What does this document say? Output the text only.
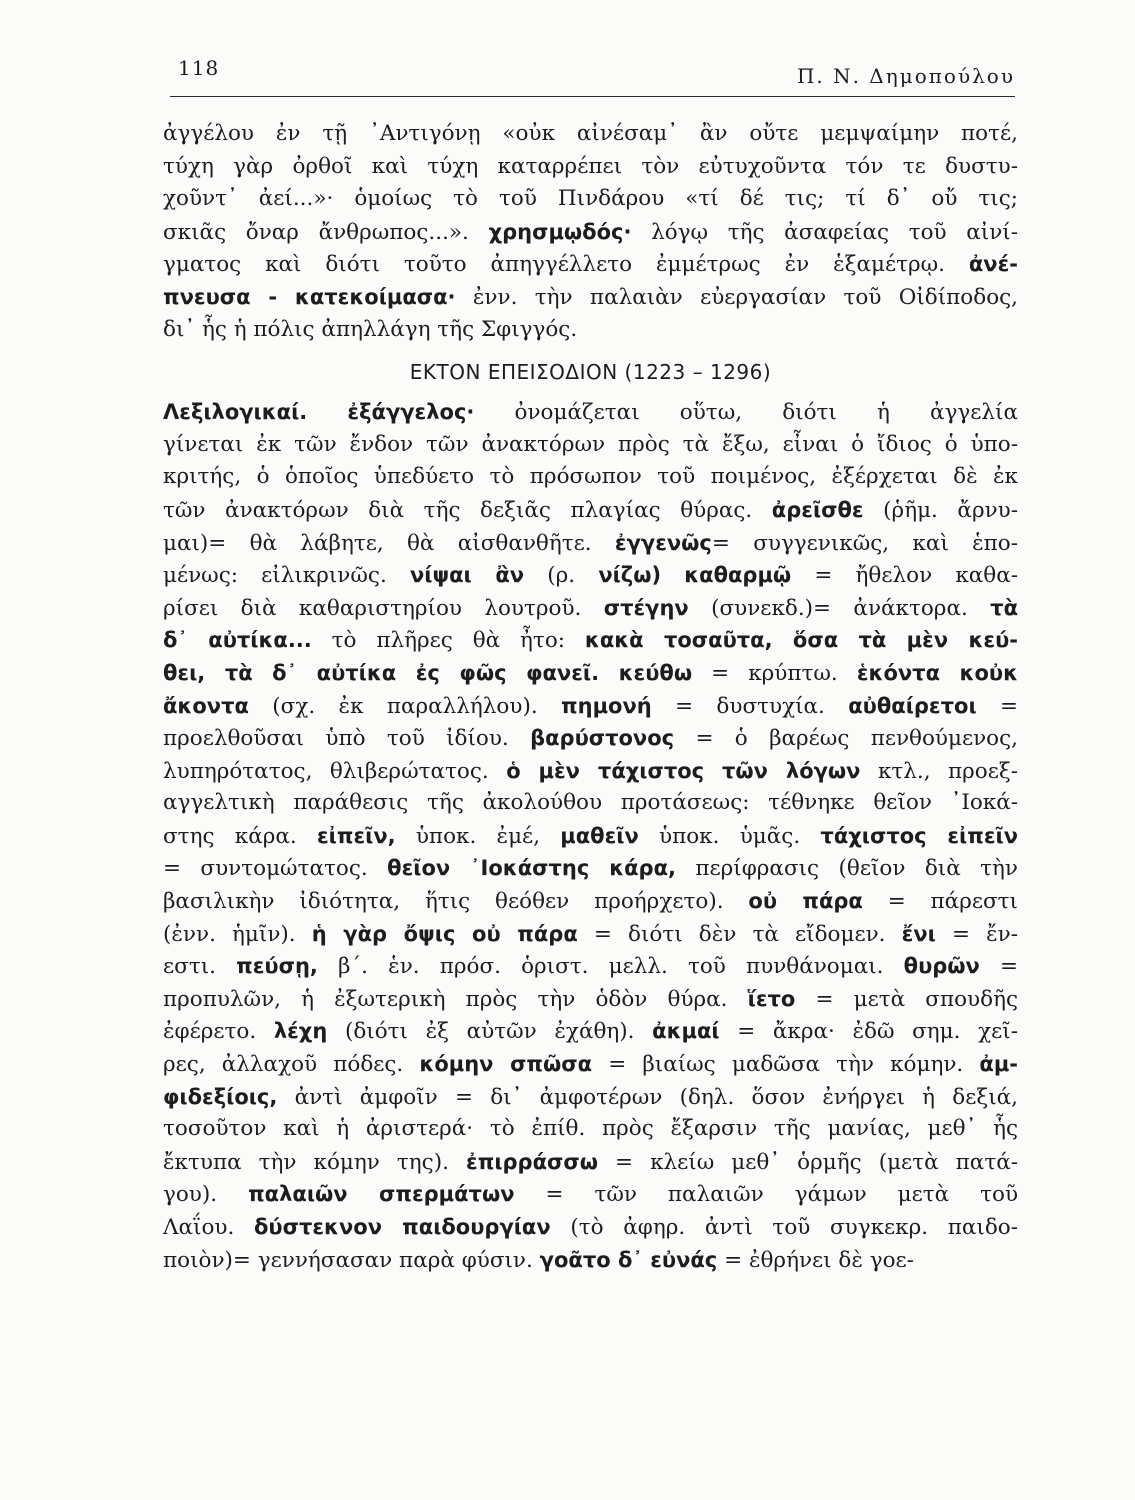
118	Π. Ν. Δημοπούλου
ἀγγέλου ἐν τῇ ᾿Αντιγόνῃ «οὐκ αἰνέσαμ᾿ ἂν οὔτε μεμψαίμην ποτέ,
τύχη γὰρ ὀρθοῖ καὶ τύχη καταρρέπει τὸν εὐτυχοῦντα τόν τε δυστυ-
χοῦντ᾿ ἀεί...»· ὁμοίως τὸ τοῦ Πινδάρου «τί δέ τις; τί δ᾿ οὔ τις;
σκιᾶς ὄναρ ἄνθρωπος...». χρησμῳδός· λόγῳ τῆς ἀσαφείας τοῦ αἰνί-
γματος καὶ διότι τοῦτο ἀπηγγέλλετο ἐμμέτρως ἐν ἑξαμέτρῳ. ἀνέ-
πνευσα - κατεκοίμασα· ἐνν. τὴν παλαιὰν εὐεργασίαν τοῦ Οἰδίποδος,
δι᾿ ἧς ἡ πόλις ἀπηλλάγη τῆς Σφιγγός.
ΕΚΤΟΝ ΕΠΕΙΣΟΔΙΟΝ (1223 – 1296)
Λεξιλογικαί. ἐξάγγελος· ὀνομάζεται οὕτω, διότι ἡ ἀγγελία
γίνεται ἐκ τῶν ἔνδον τῶν ἀνακτόρων πρὸς τὰ ἔξω, εἶναι ὁ ἴδιος ὁ ὑπο-
κριτής, ὁ ὁποῖος ὑπεδύετο τὸ πρόσωπον τοῦ ποιμένος, ἐξέρχεται δὲ ἐκ
τῶν ἀνακτόρων διὰ τῆς δεξιᾶς πλαγίας θύρας. ἀρεῖσθε (ῥῆμ. ἄρνυ-
μαι)= θὰ λάβητε, θὰ αἰσθανθῆτε. ἐγγενῶς= συγγενικῶς, καὶ ἑπο-
μένως: εἰλικρινῶς. νίψαι ἂν (ρ. νίζω) καθαρμῷ = ἤθελον καθα-
ρίσει διὰ καθαριστηρίου λουτροῦ. στέγην (συνεκδ.)= ἀνάκτορα. τὰ
δ᾿ αὐτίκα... τὸ πλῆρες θὰ ἦτο: κακὰ τοσαῦτα, ὅσα τὰ μὲν κεύ-
θει, τὰ δ᾿ αὐτίκα ἐς φῶς φανεῖ. κεύθω = κρύπτω. ἑκόντα κοὐκ
ἄκοντα (σχ. ἐκ παραλλήλου). πημονή = δυστυχία. αὐθαίρετοι =
προελθοῦσαι ὑπὸ τοῦ ἰδίου. βαρύστονος = ὁ βαρέως πενθούμενος,
λυπηρότατος, θλιβερώτατος. ὁ μὲν τάχιστος τῶν λόγων κτλ., προεξ-
αγγελτικὴ παράθεσις τῆς ἀκολούθου προτάσεως: τέθνηκε θεῖον ᾿Ιοκά-
στης κάρα. εἰπεῖν, ὑποκ. ἐμέ, μαθεῖν ὑποκ. ὑμᾶς. τάχιστος εἰπεῖν
= συντομώτατος. θεῖον ᾿Ιοκάστης κάρα, περίφρασις (θεῖον διὰ τὴν
βασιλικὴν ἰδιότητα, ἥτις θεόθεν προήρχετο). οὐ πάρα = πάρεστι
(ἐνν. ἡμῖν). ἡ γὰρ ὄψις οὐ πάρα = διότι δὲν τὰ εἴδομεν. ἔνι = ἔν-
εστι. πεύσῃ, β´. ἑν. πρόσ. ὁριστ. μελλ. τοῦ πυνθάνομαι. θυρῶν =
προπυλῶν, ἡ ἐξωτερικὴ πρὸς τὴν ὁδὸν θύρα. ἵετο = μετὰ σπουδῆς
ἐφέρετο. λέχη (διότι ἐξ αὐτῶν ἐχάθη). ἀκμαί = ἄκρα· ἐδῶ σημ. χεῖ-
ρες, ἀλλαχοῦ πόδες. κόμην σπῶσα = βιαίως μαδῶσα τὴν κόμην. ἀμ-
φιδεξίοις, ἀντὶ ἀμφοῖν = δι᾿ ἀμφοτέρων (δηλ. ὅσον ἐνήργει ἡ δεξιά,
τοσοῦτον καὶ ἡ ἀριστερά· τὸ ἐπίθ. πρὸς ἔξαρσιν τῆς μανίας, μεθ᾿ ἧς
ἔκτυπα τὴν κόμην της). ἐπιρράσσω = κλείω μεθ᾿ ὁρμῆς (μετὰ πατά-
γου). παλαιῶν σπερμάτων = τῶν παλαιῶν γάμων μετὰ τοῦ
Λαΐου. δύστεκνον παιδουργίαν (τὸ ἀφηρ. ἀντὶ τοῦ συγκεκρ. παιδο-
ποιὸν)= γεννήσασαν παρὰ φύσιν. γοᾶτο δ᾿ εὐνάς = ἐθρήνει δὲ γοε-
